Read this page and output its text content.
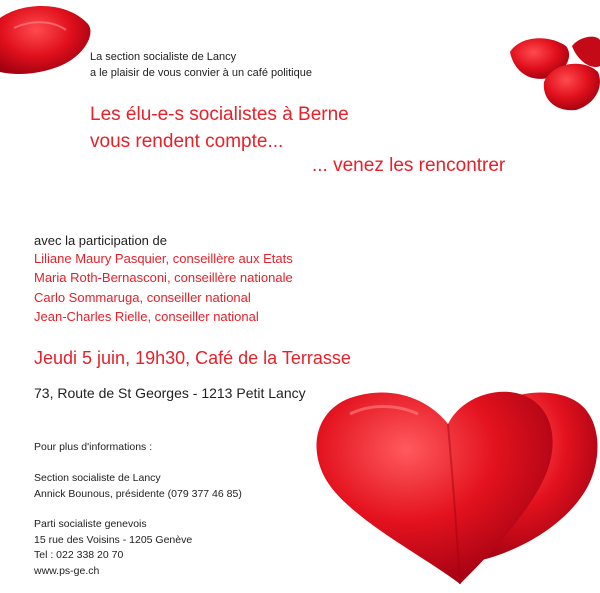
La section socialiste de Lancy
a le plaisir de vous convier à un café politique
Les élu-e-s socialistes à Berne
vous rendent compte...
... venez les rencontrer
avec la participation de
Liliane Maury Pasquier, conseillère aux Etats
Maria Roth-Bernasconi, conseillère nationale
Carlo Sommaruga, conseiller national
Jean-Charles Rielle, conseiller national
Jeudi 5 juin, 19h30, Café de la Terrasse
73, Route de St Georges - 1213 Petit Lancy
Pour plus d'informations :
Section socialiste de Lancy
Annick Bounous, présidente (079 377 46 85)
Parti socialiste genevois
15 rue des Voisins - 1205 Genève
Tel : 022 338 20 70
www.ps-ge.ch
